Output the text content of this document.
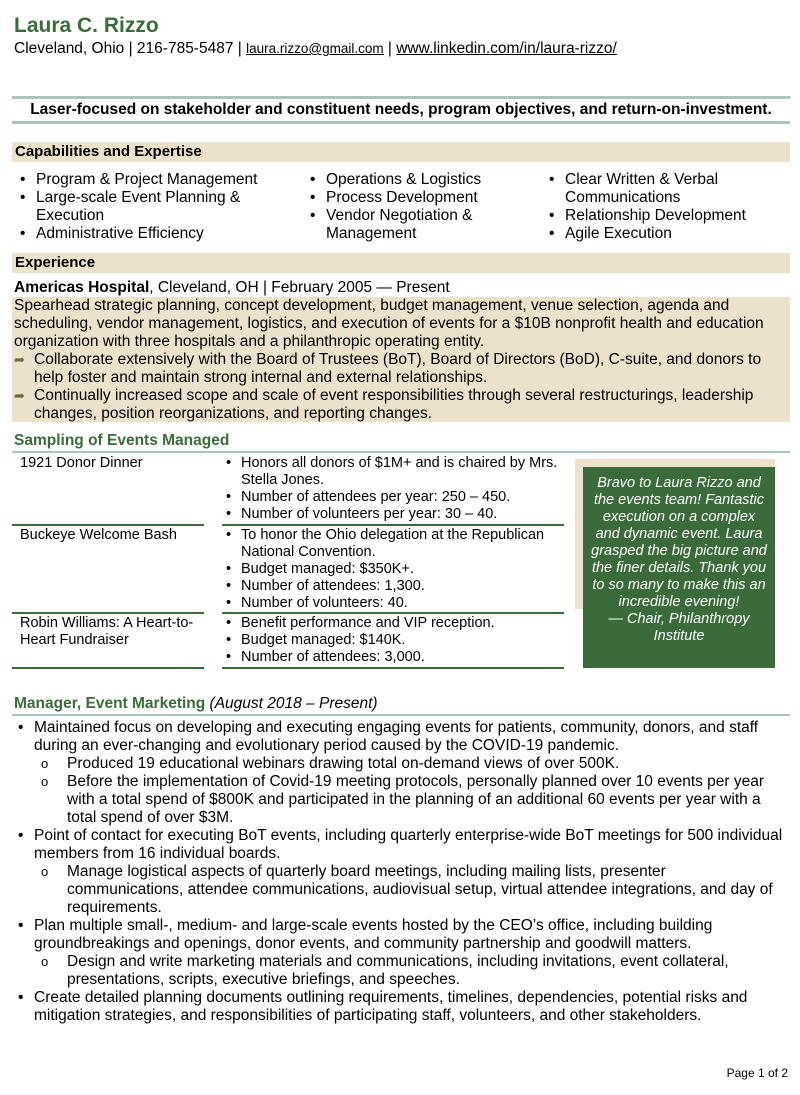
Laura C. Rizzo
Cleveland, Ohio | 216-785-5487 | laura.rizzo@gmail.com | www.linkedin.com/in/laura-rizzo/
Laser-focused on stakeholder and constituent needs, program objectives, and return-on-investment.
Capabilities and Expertise
• Program & Project Management
• Large-scale Event Planning & Execution
• Administrative Efficiency
• Operations & Logistics
• Process Development
• Vendor Negotiation & Management
• Clear Written & Verbal Communications
• Relationship Development
• Agile Execution
Experience
Americas Hospital, Cleveland, OH | February 2005 — Present
Spearhead strategic planning, concept development, budget management, venue selection, agenda and scheduling, vendor management, logistics, and execution of events for a $10B nonprofit health and education organization with three hospitals and a philanthropic operating entity.
➦ Collaborate extensively with the Board of Trustees (BoT), Board of Directors (BoD), C-suite, and donors to help foster and maintain strong internal and external relationships.
➦ Continually increased scope and scale of event responsibilities through several restructurings, leadership changes, position reorganizations, and reporting changes.
Sampling of Events Managed
1921 Donor Dinner	• Honors all donors of $1M+ and is chaired by Mrs. Stella Jones.
• Number of attendees per year: 250 – 450.
• Number of volunteers per year: 30 – 40.
Buckeye Welcome Bash	• To honor the Ohio delegation at the Republican National Convention.
• Budget managed: $350K+.
• Number of attendees: 1,300.
• Number of volunteers: 40.
Robin Williams: A Heart-to-Heart Fundraiser
• Benefit performance and VIP reception.
• Budget managed: $140K.
• Number of attendees: 3,000.

Bravo to Laura Rizzo and the events team! Fantastic execution on a complex and dynamic event. Laura grasped the big picture and the finer details. Thank you to so many to make this an incredible evening!

— Chair, Philanthropy Institute

Manager, Event Marketing (August 2018 – Present)
• Maintained focus on developing and executing engaging events for patients, community, donors, and staff during an ever-changing and evolutionary period caused by the COVID-19 pandemic.
o Produced 19 educational webinars drawing total on-demand views of over 500K.
o Before the implementation of Covid-19 meeting protocols, personally planned over 10 events per year with a total spend of $800K and participated in the planning of an additional 60 events per year with a total spend of over $3M.
• Point of contact for executing BoT events, including quarterly enterprise-wide BoT meetings for 500 individual members from 16 individual boards.
o Manage logistical aspects of quarterly board meetings, including mailing lists, presenter communications, attendee communications, audiovisual setup, virtual attendee integrations, and day of requirements.
• Plan multiple small-, medium- and large-scale events hosted by the CEO’s office, including building groundbreakings and openings, donor events, and community partnership and goodwill matters.
o Design and write marketing materials and communications, including invitations, event collateral, presentations, scripts, executive briefings, and speeches.
• Create detailed planning documents outlining requirements, timelines, dependencies, potential risks and mitigation strategies, and responsibilities of participating staff, volunteers, and other stakeholders.
Page 1 of 2
